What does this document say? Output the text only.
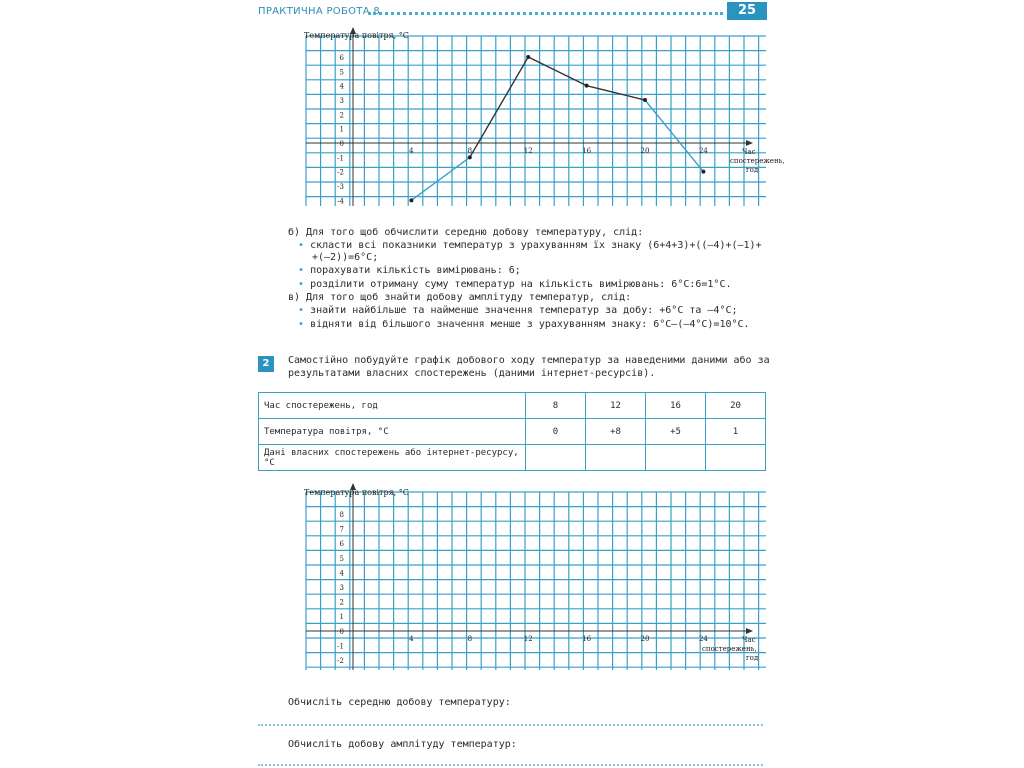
ПРАКТИЧНА РОБОТА 8	25
6
5
4
3
2
1
0
-1
-2
-3
-4
4	8	12	16	20	24
Температура повітря, °С
Час
спостережень,
год
б) Для того щоб обчислити середню добову температуру, слід:
• скласти всі показники температур з урахуванням їх знаку (6+4+3)+((–4)+(–1)+
+(–2))=6°С;
• порахувати кількість вимірювань: 6;
• розділити отриману суму температур на кількість вимірювань: 6°С:6=1°С.
в) Для того щоб знайти добову амплітуду температур, слід:
• знайти найбільше та найменше значення температур за добу: +6°С та –4°С;
• відняти від більшого значення менше з урахуванням знаку: 6°С–(–4°С)=10°С.
2	Самостійно побудуйте графік добового ходу температур за наведеними даними або за
результатами власних спостережень (даними інтернет-ресурсів).
Час спостережень, год	8	12	16	20
Температура повітря, °С	0	+8	+5	1
Дані власних спостережень або інтернет-ресурсу, °С				
8
7
6
5
4
3
2
1
0
-1
-2
4	8	12	16	20	24
Температура повітря, °С
Час
спостережень,
год
Обчисліть середню добову температуру:
Обчисліть добову амплітуду температур:
